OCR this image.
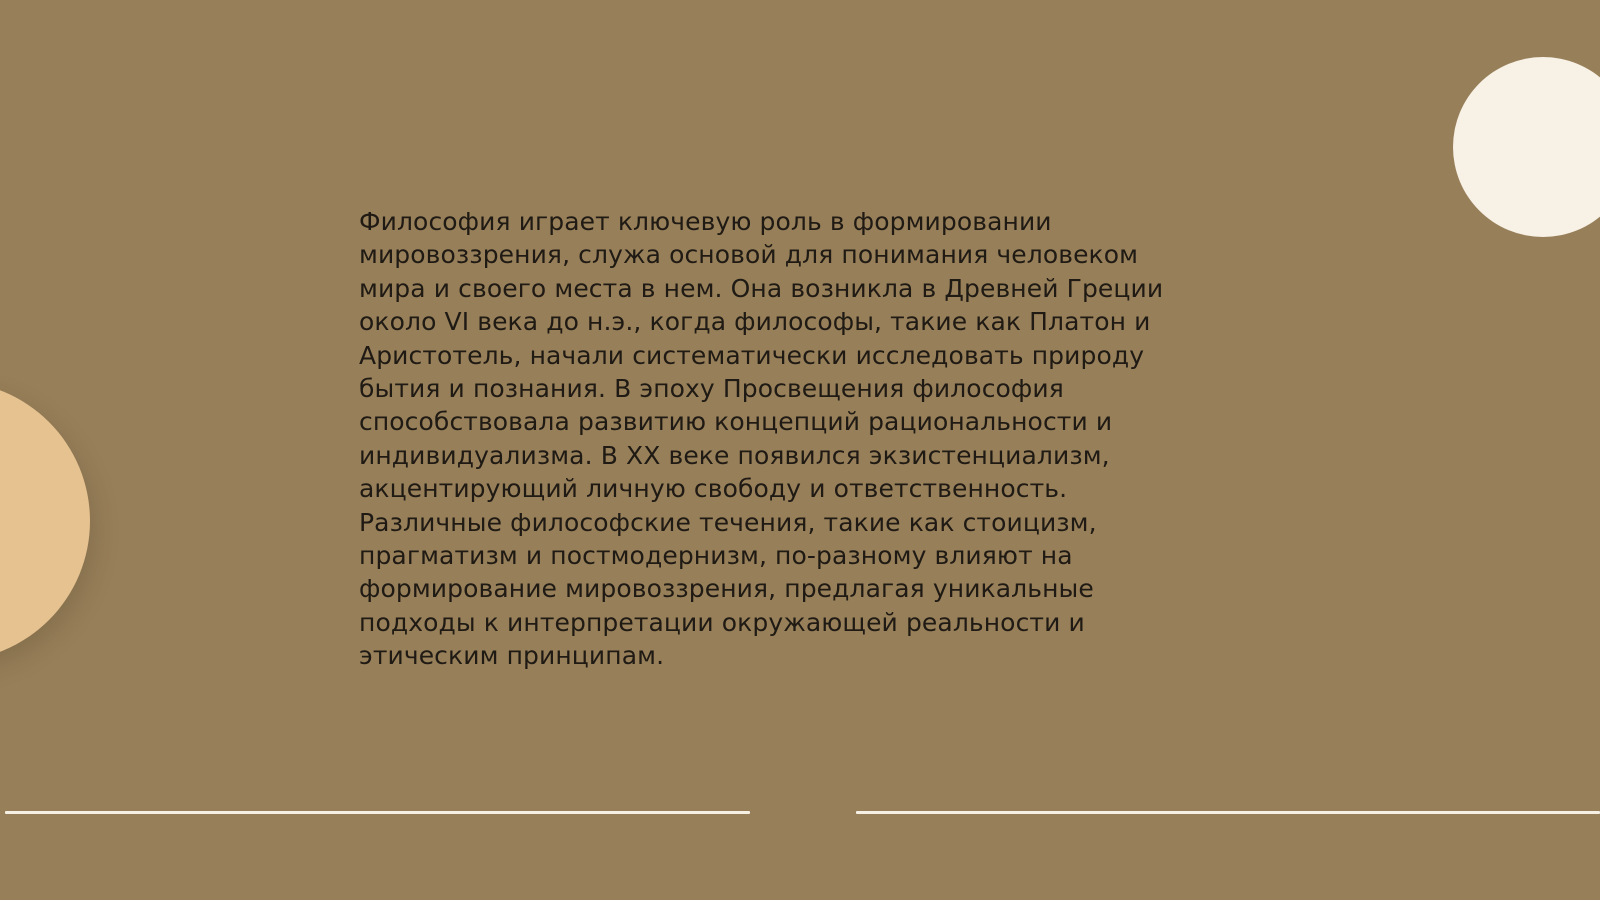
Философия играет ключевую роль в формировании
мировоззрения, служа основой для понимания человеком
мира и своего места в нем. Она возникла в Древней Греции
около VI века до н.э., когда философы, такие как Платон и
Аристотель, начали систематически исследовать природу
бытия и познания. В эпоху Просвещения философия
способствовала развитию концепций рациональности и
индивидуализма. В XX веке появился экзистенциализм,
акцентирующий личную свободу и ответственность.
Различные философские течения, такие как стоицизм,
прагматизм и постмодернизм, по-разному влияют на
формирование мировоззрения, предлагая уникальные
подходы к интерпретации окружающей реальности и
этическим принципам.
